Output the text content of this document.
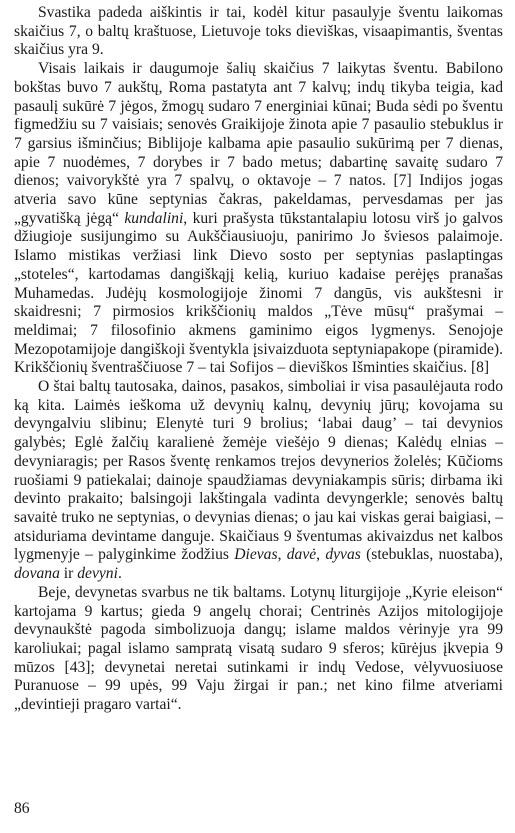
Svastika padeda aiškintis ir tai, kodėl kitur pasaulyje šventu laikomas skaičius 7, o baltų kraštuose, Lietuvoje toks dieviškas, visaapimantis, šventas skaičius yra 9.

Visais laikais ir daugumoje šalių skaičius 7 laikytas šventu. Babilono bokštas buvo 7 aukštų, Roma pastatyta ant 7 kalvų; indų tikyba teigia, kad pasaulį sukūrė 7 jėgos, žmogų sudaro 7 energiniai kūnai; Buda sėdi po šventu figmedžiu su 7 vaisiais; senovės Graikijoje žinota apie 7 pasaulio stebuklus ir 7 garsius išminčius; Biblijoje kalbama apie pasaulio sukūrimą per 7 dienas, apie 7 nuodėmes, 7 dorybes ir 7 bado metus; dabartinę savaitę sudaro 7 dienos; vaivorykštė yra 7 spalvų, o oktavoje – 7 natos. [7] Indijos jogas atveria savo kūne septynias čakras, pakeldamas, pervesdamas per jas „gyvatišką jėgą“ kundalini, kuri prašysta tūkstantalapiu lotosu virš jo galvos džiugioje susijungimo su Aukščiausiuoju, panirimo Jo šviesos palaimoje. Islamo mistikas veržiasi link Dievo sosto per septynias paslaptingas „stoteles“, kartodamas dangiškąjį kelią, kuriuo kadaise perėjęs pranašas Muhamedas. Judėjų kosmologijoje žinomi 7 dangūs, vis aukštesni ir skaidresni; 7 pirmosios krikščionių maldos „Tėve mūsų“ prašymai – meldimai; 7 filosofinio akmens gaminimo eigos lygmenys. Senojoje Mezopotamijoje dangiškoji šventykla įsivaizduota septyniapakope (piramide). Krikščionių šventraščiuose 7 – tai Sofijos – dieviškos Išminties skaičius. [8]

O štai baltų tautosaka, dainos, pasakos, simboliai ir visa pasaulėjauta rodo ką kita. Laimės ieškoma už devynių kalnų, devynių jūrų; kovojama su devyngalviu slibinu; Elenytė turi 9 brolius; ‘labai daug’ – tai devynios galybės; Eglė žalčių karalienė žemėje viešėjo 9 dienas; Kalėdų elnias – devyniaragis; per Rasos šventę renkamos trejos devynerios žolelės; Kūčioms ruošiami 9 patiekalai; dainoje spaudžiamas devyniakampis sūris; dirbama iki devinto prakaito; balsingoji lakštingala vadinta devyngerkle; senovės baltų savaitė truko ne septynias, o devynias dienas; o jau kai viskas gerai baigiasi, – atsiduriama devintame danguje. Skaičiaus 9 šventumas akivaizdus net kalbos lygmenyje – palyginkime žodžius Dievas, davė, dyvas (stebuklas, nuostaba), dovana ir devyni.

Beje, devynetas svarbus ne tik baltams. Lotynų liturgijoje „Kyrie eleison“ kartojama 9 kartus; gieda 9 angelų chorai; Centrinės Azijos mitologijoje devynaukštė pagoda simbolizuoja dangų; islame maldos vėrinyje yra 99 karoliukai; pagal islamo sampratą visatą sudaro 9 sferos; kūrėjus įkvepia 9 mūzos [43]; devynetai neretai sutinkami ir indų Vedose, vėlyvuosiuose Puranuose – 99 upės, 99 Vaju žirgai ir pan.; net kino filme atveriami „devintieji pragaro vartai“.

86
